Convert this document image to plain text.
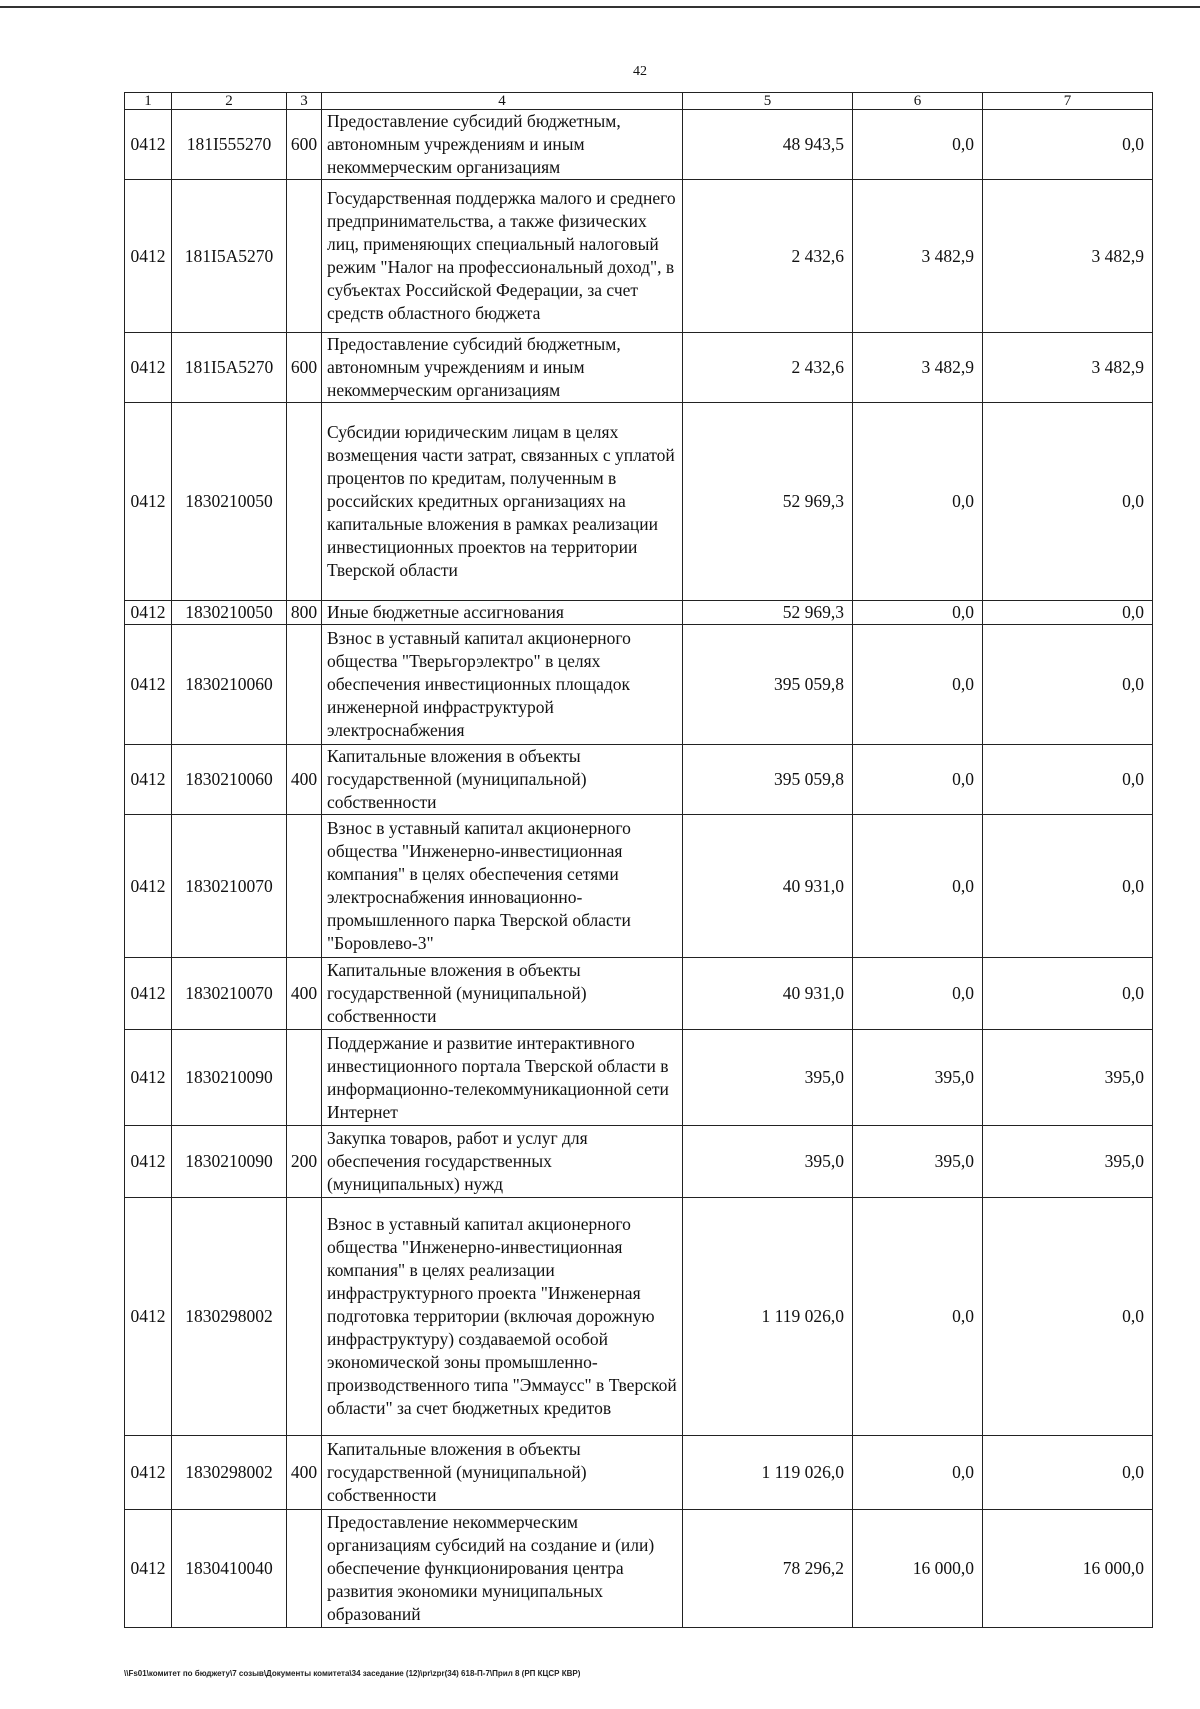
42
1	2	3	4	5	6	7
0412	181I555270	600	Предоставление субсидий бюджетным, автономным учреждениям и иным некоммерческим организациям	48 943,5	0,0	0,0
0412	181I5A5270		Государственная поддержка малого и среднего предпринимательства, а также физических лиц, применяющих специальный налоговый режим "Налог на профессиональный доход", в субъектах Российской Федерации, за счет средств областного бюджета	2 432,6	3 482,9	3 482,9
0412	181I5A5270	600	Предоставление субсидий бюджетным, автономным учреждениям и иным некоммерческим организациям	2 432,6	3 482,9	3 482,9
0412	1830210050		Субсидии юридическим лицам в целях возмещения части затрат, связанных с уплатой процентов по кредитам, полученным в российских кредитных организациях на капитальные вложения в рамках реализации инвестиционных проектов на территории Тверской области	52 969,3	0,0	0,0
0412	1830210050	800	Иные бюджетные ассигнования	52 969,3	0,0	0,0
0412	1830210060		Взнос в уставный капитал акционерного общества "Тверьгорэлектро" в целях обеспечения инвестиционных площадок инженерной инфраструктурой электроснабжения	395 059,8	0,0	0,0
0412	1830210060	400	Капитальные вложения в объекты государственной (муниципальной) собственности	395 059,8	0,0	0,0
0412	1830210070		Взнос в уставный капитал акционерного общества "Инженерно-инвестиционная компания" в целях обеспечения сетями электроснабжения инновационно-промышленного парка Тверской области "Боровлево-3"	40 931,0	0,0	0,0
0412	1830210070	400	Капитальные вложения в объекты государственной (муниципальной) собственности	40 931,0	0,0	0,0
0412	1830210090		Поддержание и развитие интерактивного инвестиционного портала Тверской области в информационно-телекоммуникационной сети Интернет	395,0	395,0	395,0
0412	1830210090	200	Закупка товаров, работ и услуг для обеспечения государственных (муниципальных) нужд	395,0	395,0	395,0
0412	1830298002		Взнос в уставный капитал акционерного общества "Инженерно-инвестиционная компания" в целях реализации инфраструктурного проекта "Инженерная подготовка территории (включая дорожную инфраструктуру) создаваемой особой экономической зоны промышленно-производственного типа "Эммаусс" в Тверской области" за счет бюджетных кредитов	1 119 026,0	0,0	0,0
0412	1830298002	400	Капитальные вложения в объекты государственной (муниципальной) собственности	1 119 026,0	0,0	0,0
0412	1830410040		Предоставление некоммерческим организациям субсидий на создание и (или) обеспечение функционирования центра развития экономики муниципальных образований	78 296,2	16 000,0	16 000,0
\\Fs01\комитет по бюджету\7 созыв\Документы комитета\34 заседание (12)\pr\zpr(34) 618-П-7\Прил 8 (РП КЦСР КВР)
